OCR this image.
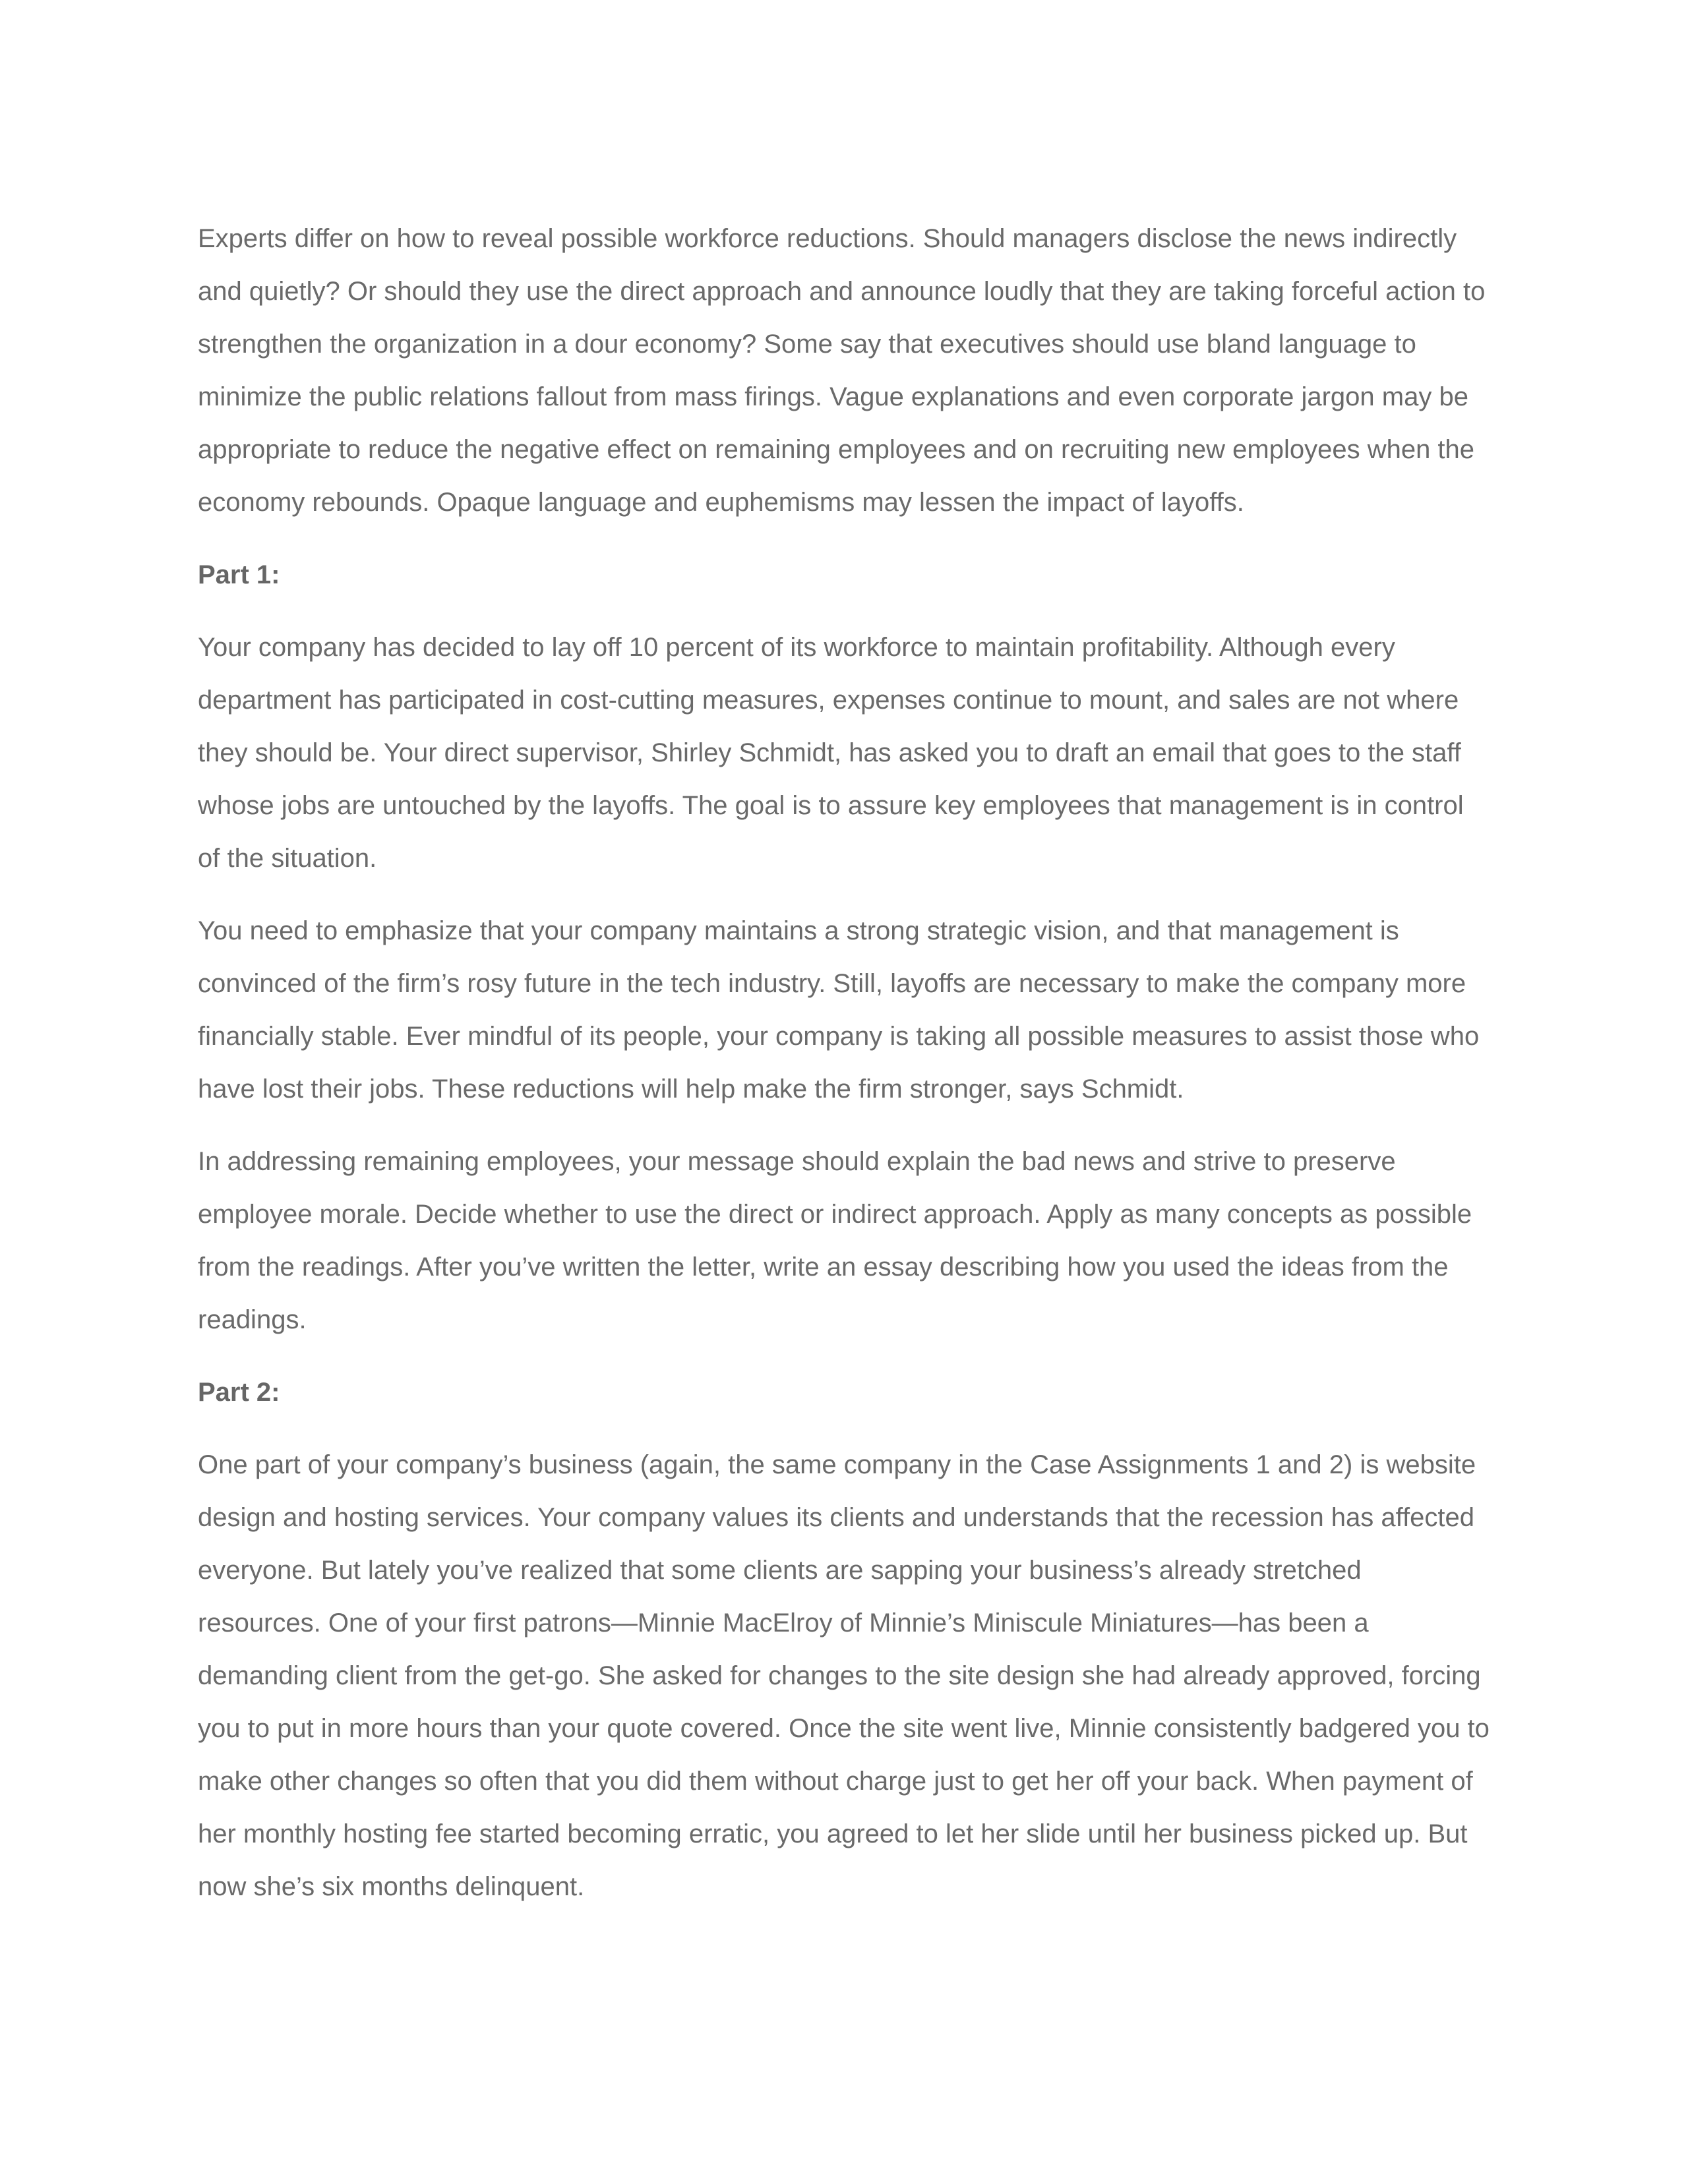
Experts differ on how to reveal possible workforce reductions. Should managers disclose the news indirectly and quietly? Or should they use the direct approach and announce loudly that they are taking forceful action to strengthen the organization in a dour economy? Some say that executives should use bland language to minimize the public relations fallout from mass firings. Vague explanations and even corporate jargon may be appropriate to reduce the negative effect on remaining employees and on recruiting new employees when the economy rebounds. Opaque language and euphemisms may lessen the impact of layoffs.

Part 1:

Your company has decided to lay off 10 percent of its workforce to maintain profitability. Although every department has participated in cost-cutting measures, expenses continue to mount, and sales are not where they should be. Your direct supervisor, Shirley Schmidt, has asked you to draft an email that goes to the staff whose jobs are untouched by the layoffs. The goal is to assure key employees that management is in control of the situation.

You need to emphasize that your company maintains a strong strategic vision, and that management is convinced of the firm’s rosy future in the tech industry. Still, layoffs are necessary to make the company more financially stable. Ever mindful of its people, your company is taking all possible measures to assist those who have lost their jobs. These reductions will help make the firm stronger, says Schmidt.

In addressing remaining employees, your message should explain the bad news and strive to preserve employee morale. Decide whether to use the direct or indirect approach. Apply as many concepts as possible from the readings. After you’ve written the letter, write an essay describing how you used the ideas from the readings.

Part 2:

One part of your company’s business (again, the same company in the Case Assignments 1 and 2) is website design and hosting services. Your company values its clients and understands that the recession has affected everyone. But lately you’ve realized that some clients are sapping your business’s already stretched resources. One of your first patrons—Minnie MacElroy of Minnie’s Miniscule Miniatures—has been a demanding client from the get-go. She asked for changes to the site design she had already approved, forcing you to put in more hours than your quote covered. Once the site went live, Minnie consistently badgered you to make other changes so often that you did them without charge just to get her off your back. When payment of her monthly hosting fee started becoming erratic, you agreed to let her slide until her business picked up. But now she’s six months delinquent.
